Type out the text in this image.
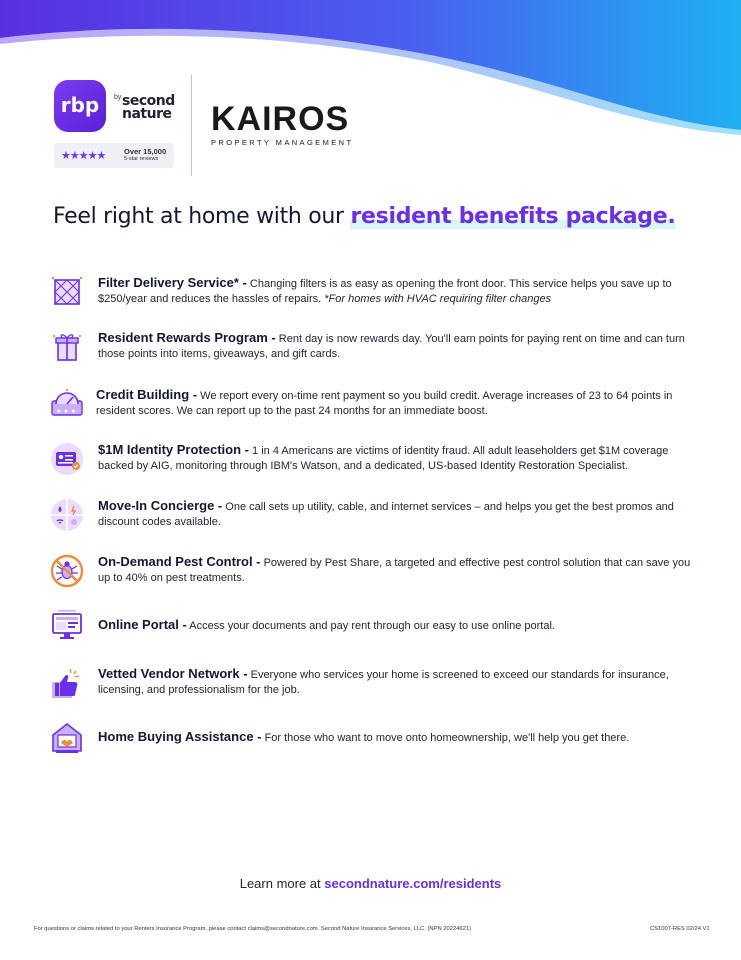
rbp	by second nature
★★★★★ Over 15,000
5-star reviews
KAIROS
PROPERTY MANAGEMENT
Feel right at home with our resident benefits package.
Filter Delivery Service* - Changing filters is as easy as opening the front door. This service helps you save up to $250/year and reduces the hassles of repairs. *For homes with HVAC requiring filter changes
Resident Rewards Program - Rent day is now rewards day. You'll earn points for paying rent on time and can turn those points into items, giveaways, and gift cards.
★ ★ ★
Credit Building - We report every on-time rent payment so you build credit. Average increases of 23 to 64 points in resident scores. We can report up to the past 24 months for an immediate boost.
$1M Identity Protection - 1 in 4 Americans are victims of identity fraud. All adult leaseholders get $1M coverage backed by AIG, monitoring through IBM's Watson, and a dedicated, US-based Identity Restoration Specialist.
Move-In Concierge - One call sets up utility, cable, and internet services – and helps you get the best promos and discount codes available.
On-Demand Pest Control - Powered by Pest Share, a targeted and effective pest control solution that can save you up to 40% on pest treatments.
Online Portal - Access your documents and pay rent through our easy to use online portal.
Vetted Vendor Network - Everyone who services your home is screened to exceed our standards for insurance, licensing, and professionalism for the job.
Home Buying Assistance - For those who want to move onto homeownership, we'll help you get there.
Learn more at secondnature.com/residents
For questions or claims related to your Renters Insurance Program, please contact claims@secondnature.com. Second Nature Insurance Services, LLC. (NPN 20224621)	CS1007-RES 02/24 V1
